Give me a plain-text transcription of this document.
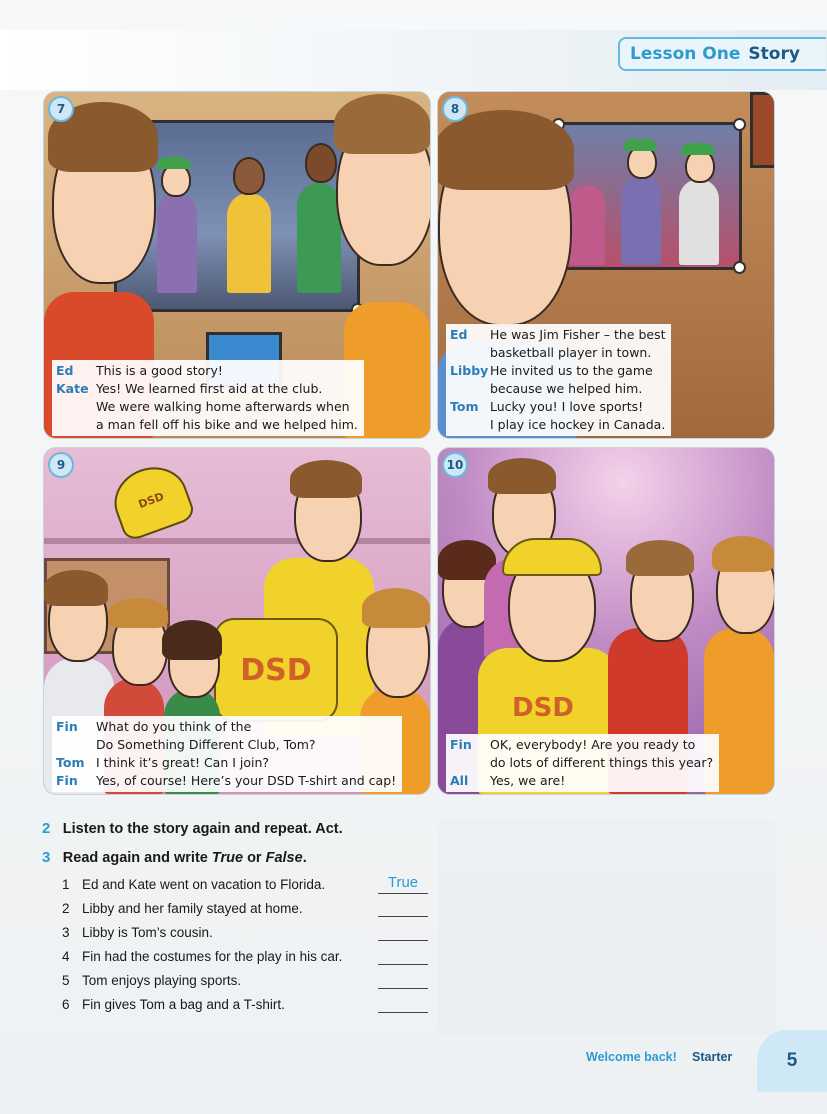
Lesson One Story
7
Ed	This is a good story!
Kate Yes! We learned first aid at the club.
We were walking home afterwards when
a man fell off his bike and we helped him.
8
Ed	He was Jim Fisher – the best
basketball player in town.
Libby He invited us to the game
because we helped him.
Tom Lucky you! I love sports!
I play ice hockey in Canada.
9
DSD
DSD
Fin	What do you think of the
Do Something Different Club, Tom?
Tom I think it’s great! Can I join?
Fin	Yes, of course! Here’s your DSD T-shirt and cap!
10
DSD
Fin	OK, everybody! Are you ready to
do lots of different things this year?
All	Yes, we are!
2 Listen to the story again and repeat. Act.
3 Read again and write True or False.
1 Ed and Kate went on vacation to Florida.	True
2 Libby and her family stayed at home.
3 Libby is Tom’s cousin.
4 Fin had the costumes for the play in his car.
5 Tom enjoys playing sports.
6 Fin gives Tom a bag and a T-shirt.
Welcome back! Starter	5
